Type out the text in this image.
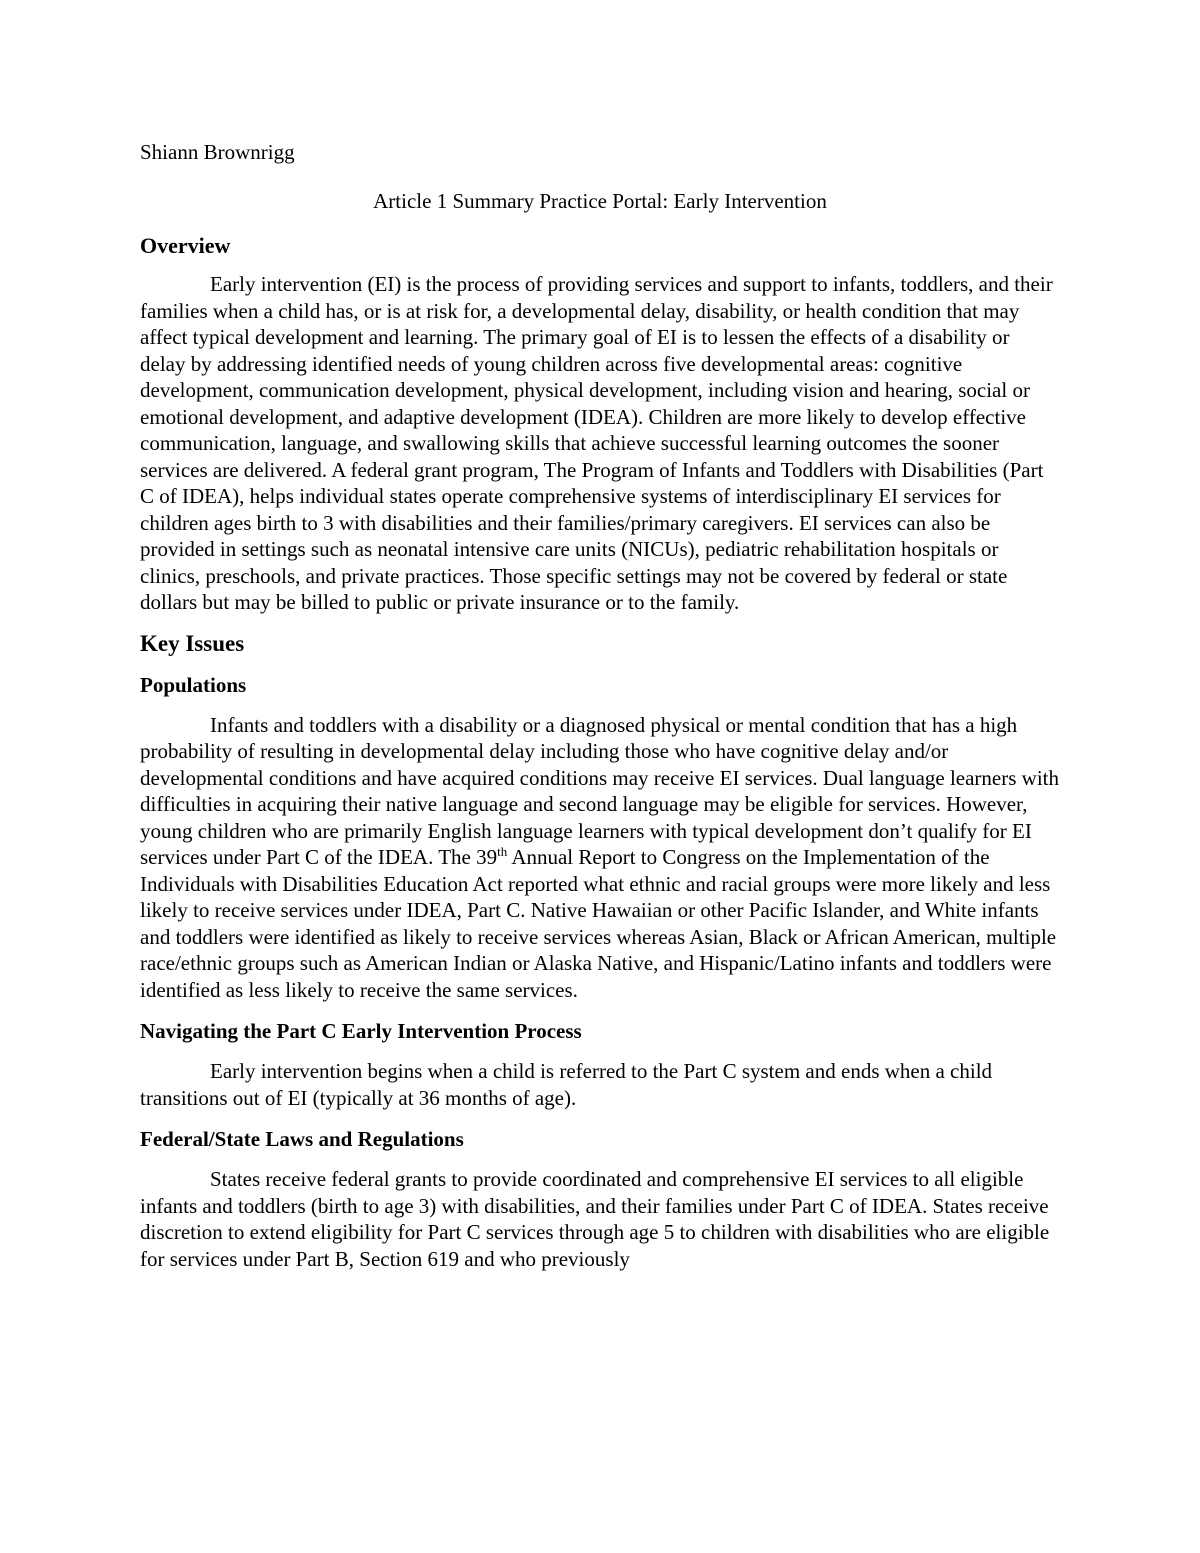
Shiann Brownrigg
Article 1 Summary Practice Portal: Early Intervention
Overview
Early intervention (EI) is the process of providing services and support to infants, toddlers, and their families when a child has, or is at risk for, a developmental delay, disability, or health condition that may affect typical development and learning. The primary goal of EI is to lessen the effects of a disability or delay by addressing identified needs of young children across five developmental areas: cognitive development, communication development, physical development, including vision and hearing, social or emotional development, and adaptive development (IDEA). Children are more likely to develop effective communication, language, and swallowing skills that achieve successful learning outcomes the sooner services are delivered. A federal grant program, The Program of Infants and Toddlers with Disabilities (Part C of IDEA), helps individual states operate comprehensive systems of interdisciplinary EI services for children ages birth to 3 with disabilities and their families/primary caregivers. EI services can also be provided in settings such as neonatal intensive care units (NICUs), pediatric rehabilitation hospitals or clinics, preschools, and private practices. Those specific settings may not be covered by federal or state dollars but may be billed to public or private insurance or to the family.
Key Issues
Populations
Infants and toddlers with a disability or a diagnosed physical or mental condition that has a high probability of resulting in developmental delay including those who have cognitive delay and/or developmental conditions and have acquired conditions may receive EI services. Dual language learners with difficulties in acquiring their native language and second language may be eligible for services. However, young children who are primarily English language learners with typical development don’t qualify for EI services under Part C of the IDEA. The 39th Annual Report to Congress on the Implementation of the Individuals with Disabilities Education Act reported what ethnic and racial groups were more likely and less likely to receive services under IDEA, Part C. Native Hawaiian or other Pacific Islander, and White infants and toddlers were identified as likely to receive services whereas Asian, Black or African American, multiple race/ethnic groups such as American Indian or Alaska Native, and Hispanic/Latino infants and toddlers were identified as less likely to receive the same services.
Navigating the Part C Early Intervention Process
Early intervention begins when a child is referred to the Part C system and ends when a child transitions out of EI (typically at 36 months of age).
Federal/State Laws and Regulations
States receive federal grants to provide coordinated and comprehensive EI services to all eligible infants and toddlers (birth to age 3) with disabilities, and their families under Part C of IDEA. States receive discretion to extend eligibility for Part C services through age 5 to children with disabilities who are eligible for services under Part B, Section 619 and who previously
